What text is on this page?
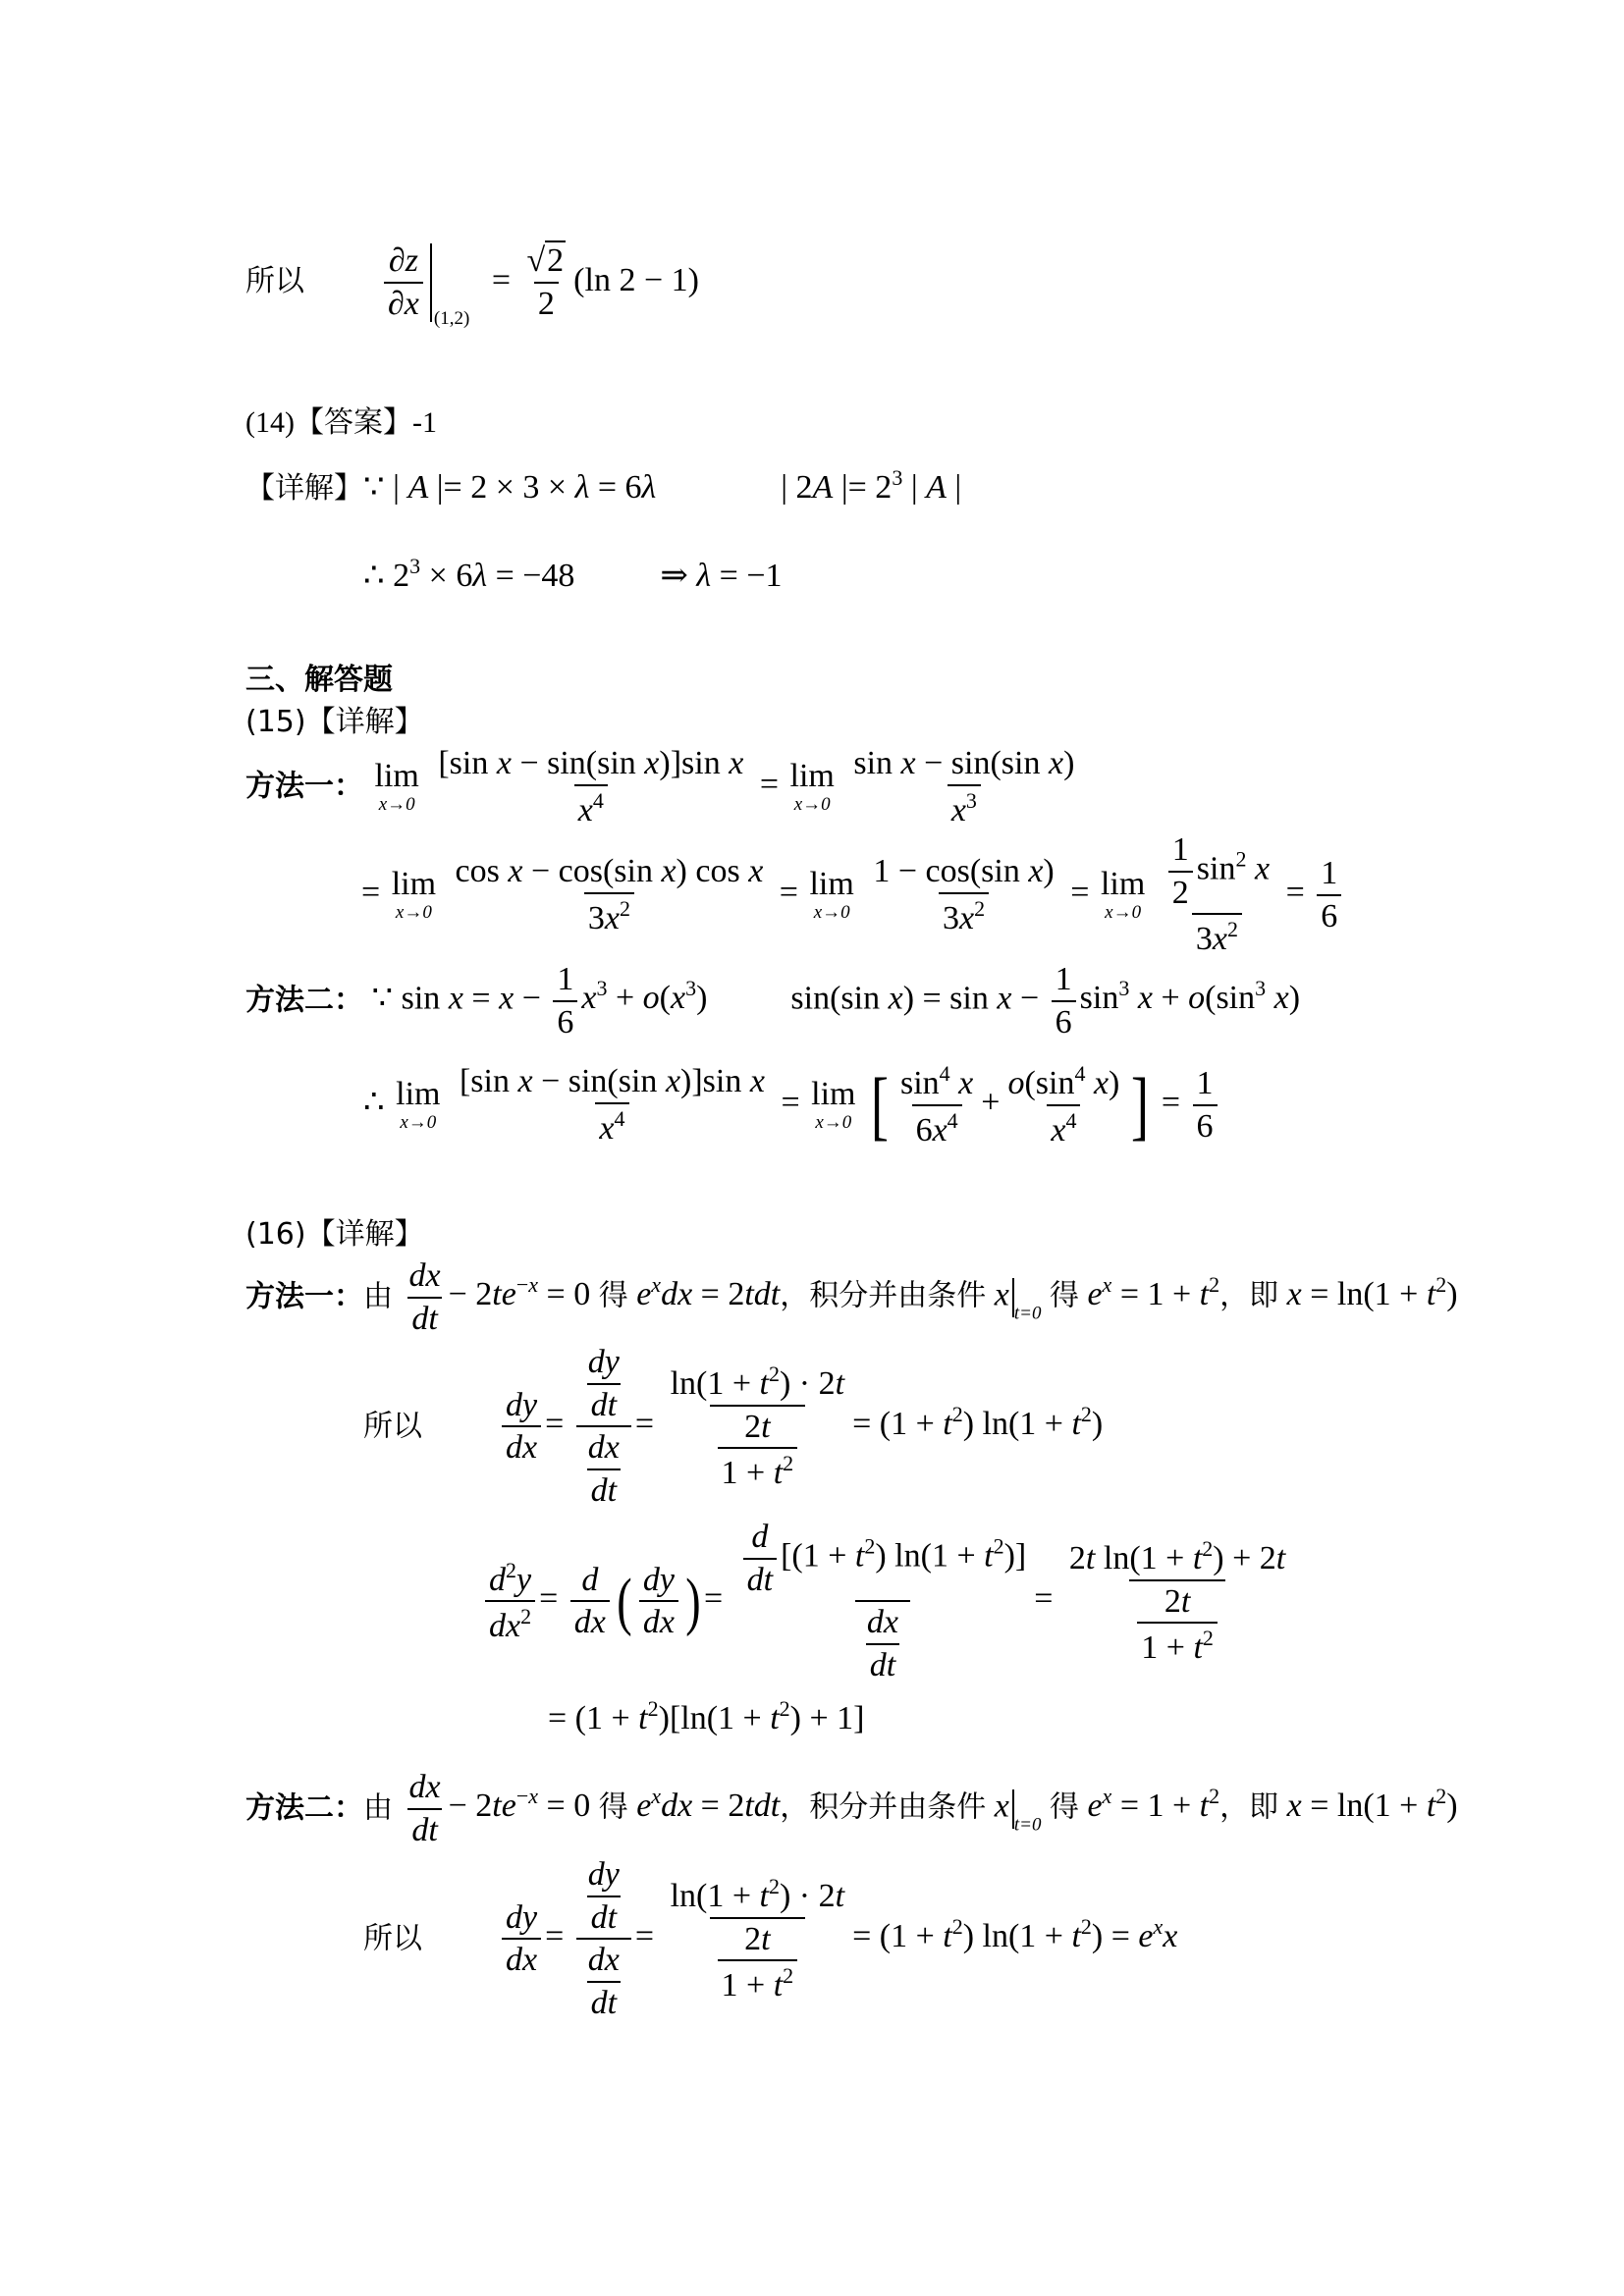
所以 $\frac{\partial z}{\partial x} _{(1,2)} = \frac{√2}{2} (\ln$ 2 − 1)
(14)【答案】-1
【详解】∵ | A |= 2 × 3 × λ = 6λ	| 2A |= $2^3$ | A |
∴ $2^3 \times 6\lambda = -48$	⇒ λ = −1
三、解答题
(15)【详解】
方法一： lim
x→0
$\frac{\text{[sin x − sin(sin x)]sin x}}{x^4} = \lim$
x→0
$\frac{\text{sin x − sin(sin x)}}{x^3}$
= lim
x→0
$\frac{\text{cos x − cos(sin x) cos x}}{3x^2} = \lim$
x→0
$\frac{\text{1 − cos(sin x)}}{3x^2} = \lim$
x→0
$\frac{\frac{1}{2} \sin^2 x}{3x^2} = \frac{1}{6}$
方法二： ∵ $\sin x = x - \frac{1}{6} x^3 + o(x^3)$	sin(sin $x) = \sin x - \frac{1}{6} \sin^3 x + o(\sin^3$ x)
∴ lim
x→0
$\frac{\text{[sin x − sin(sin x)]sin x}}{x^4} = \lim$
x→0 [ $\frac{\sin^4 x}{6x^4} + \frac{o(\sin^4 x)}{x^4}$ ] = $\frac{1}{6}$
(16)【详解】
方法一：由 $\frac{dx}{dt} - 2te^{-x} = 0$ 得 $e^xdx = 2tdt$，积分并由条件 $x_{t=0}$ 得 $e^x = 1 + t^2$，即 $x = \ln(1 + t^2)$
所以 $\frac{dy}{dx} = \frac{\frac{dy}{dt}}{\frac{dx}{dt}} = \frac{\ln(1 + t^2) \cdot 2t}{\frac{2t}{1 + t^2}} = (1 + t^2) \ln(1 + t^2)$
$\frac{d^2y}{dx^2} = \frac{d}{dx}$ ( $\frac{dy}{dx}$ )= $\frac{\frac{d}{dt} [(1 + t^2) \ln(1 + t^2)]}{\frac{dx}{dt}} = \frac{2t \ln(1 + t^2) + 2t}{\frac{2t}{1 + t^2}}$
= $(1 + t^2)[\ln(1 + t^2) + 1]$
方法二：由 $\frac{dx}{dt} - 2te^{-x} = 0$ 得 $e^xdx = 2tdt$，积分并由条件 $x_{t=0}$ 得 $e^x = 1 + t^2$，即 $x = \ln(1 + t^2)$
所以 $\frac{dy}{dx} = \frac{\frac{dy}{dt}}{\frac{dx}{dt}} = \frac{\ln(1 + t^2) \cdot 2t}{\frac{2t}{1 + t^2}} = (1 + t^2) \ln(1 + t^2) = e^xx$
